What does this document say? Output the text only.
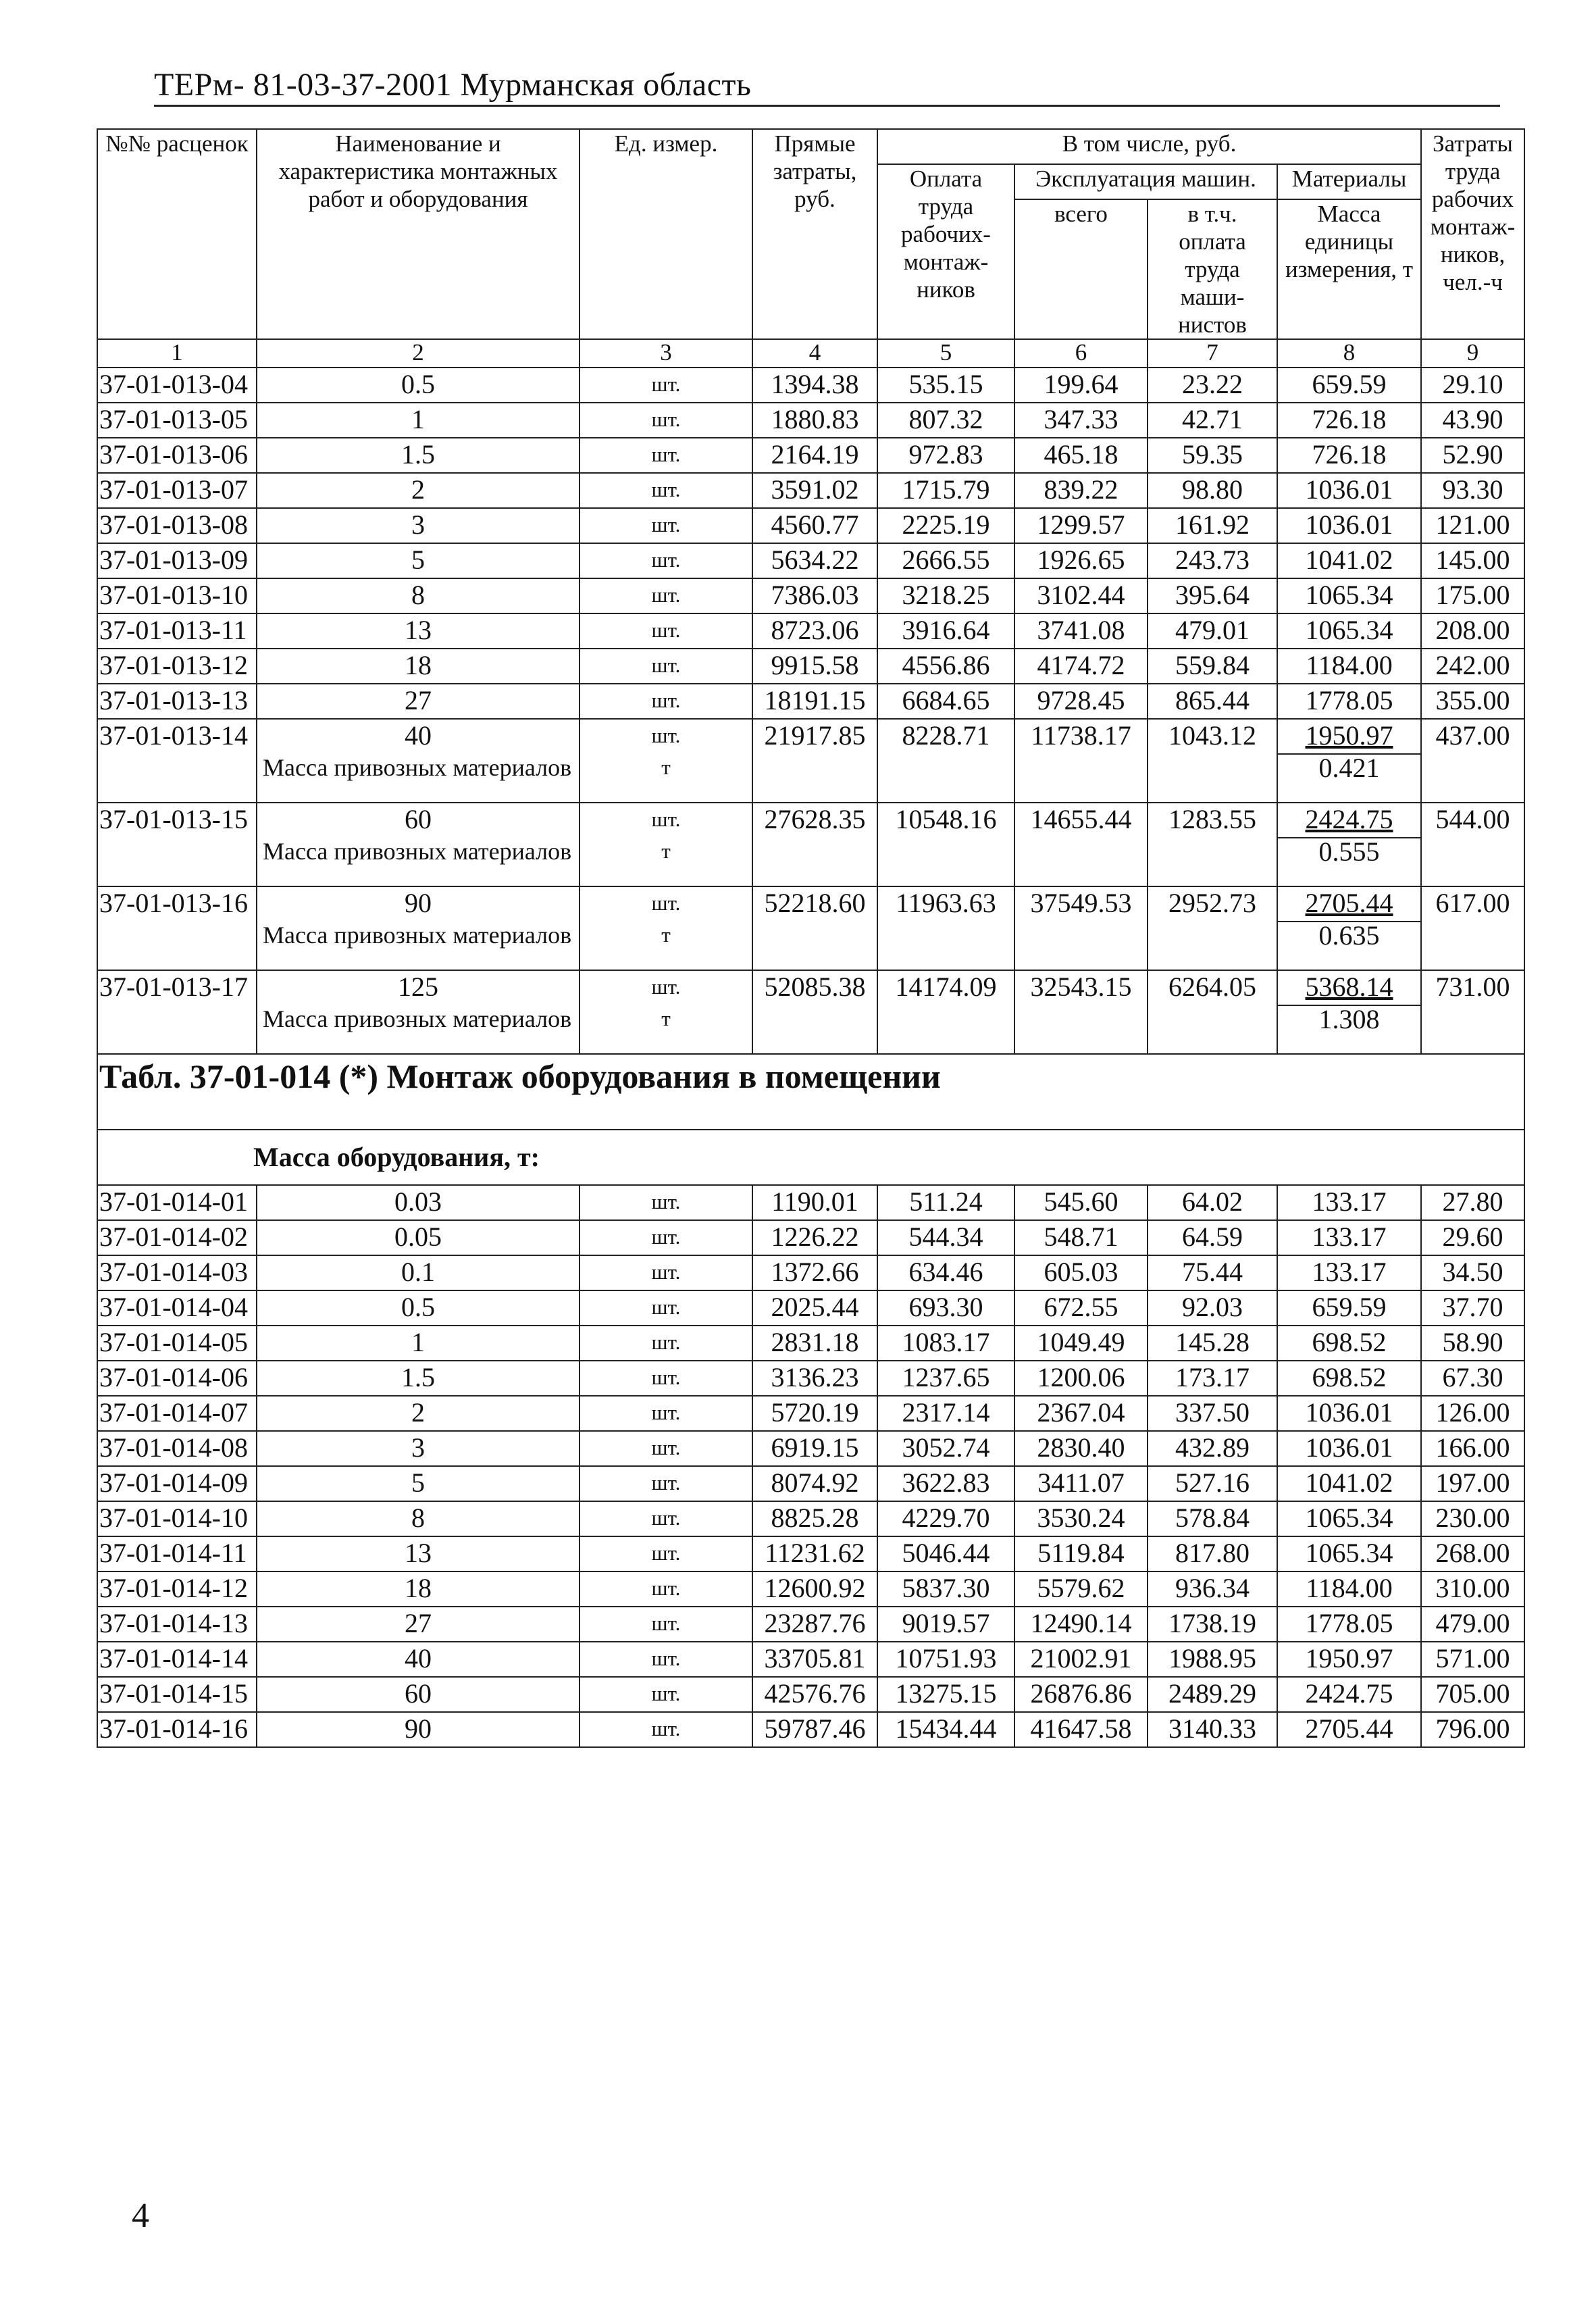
ТЕРм- 81-03-37-2001 Мурманская область
№№ расценок	Наименование и характеристика монтажных работ и оборудования	Ед. измер.	Прямые затраты, руб.	В том числе, руб.				Затраты труда рабочих монтаж-ников, чел.-ч
				Оплата труда рабочих-монтаж-ников	Эксплуатация машин.		Материалы	
					всего	в т.ч. оплата труда маши-нистов	Масса единицы измерения, т	
1	2	3	4	5	6	7	8	9
37-01-013-04	0.5	шт.	1394.38	535.15	199.64	23.22	659.59	29.10
37-01-013-05	1	шт.	1880.83	807.32	347.33	42.71	726.18	43.90
37-01-013-06	1.5	шт.	2164.19	972.83	465.18	59.35	726.18	52.90
37-01-013-07	2	шт.	3591.02	1715.79	839.22	98.80	1036.01	93.30
37-01-013-08	3	шт.	4560.77	2225.19	1299.57	161.92	1036.01	121.00
37-01-013-09	5	шт.	5634.22	2666.55	1926.65	243.73	1041.02	145.00
37-01-013-10	8	шт.	7386.03	3218.25	3102.44	395.64	1065.34	175.00
37-01-013-11	13	шт.	8723.06	3916.64	3741.08	479.01	1065.34	208.00
37-01-013-12	18	шт.	9915.58	4556.86	4174.72	559.84	1184.00	242.00
37-01-013-13	27	шт.	18191.15	6684.65	9728.45	865.44	1778.05	355.00
37-01-013-14	40	шт.	21917.85	8228.71	11738.17	1043.12	1950.97	437.00
	Масса привозных материалов	т					0.421	
37-01-013-15	60	шт.	27628.35	10548.16	14655.44	1283.55	2424.75	544.00
	Масса привозных материалов	т					0.555	
37-01-013-16	90	шт.	52218.60	11963.63	37549.53	2952.73	2705.44	617.00
	Масса привозных материалов	т					0.635	
37-01-013-17	125	шт.	52085.38	14174.09	32543.15	6264.05	5368.14	731.00
	Масса привозных материалов	т					1.308	
Табл. 37-01-014 (*) Монтаж оборудования в помещении								
Масса оборудования, т:								
37-01-014-01	0.03	шт.	1190.01	511.24	545.60	64.02	133.17	27.80
37-01-014-02	0.05	шт.	1226.22	544.34	548.71	64.59	133.17	29.60
37-01-014-03	0.1	шт.	1372.66	634.46	605.03	75.44	133.17	34.50
37-01-014-04	0.5	шт.	2025.44	693.30	672.55	92.03	659.59	37.70
37-01-014-05	1	шт.	2831.18	1083.17	1049.49	145.28	698.52	58.90
37-01-014-06	1.5	шт.	3136.23	1237.65	1200.06	173.17	698.52	67.30
37-01-014-07	2	шт.	5720.19	2317.14	2367.04	337.50	1036.01	126.00
37-01-014-08	3	шт.	6919.15	3052.74	2830.40	432.89	1036.01	166.00
37-01-014-09	5	шт.	8074.92	3622.83	3411.07	527.16	1041.02	197.00
37-01-014-10	8	шт.	8825.28	4229.70	3530.24	578.84	1065.34	230.00
37-01-014-11	13	шт.	11231.62	5046.44	5119.84	817.80	1065.34	268.00
37-01-014-12	18	шт.	12600.92	5837.30	5579.62	936.34	1184.00	310.00
37-01-014-13	27	шт.	23287.76	9019.57	12490.14	1738.19	1778.05	479.00
37-01-014-14	40	шт.	33705.81	10751.93	21002.91	1988.95	1950.97	571.00
37-01-014-15	60	шт.	42576.76	13275.15	26876.86	2489.29	2424.75	705.00
37-01-014-16	90	шт.	59787.46	15434.44	41647.58	3140.33	2705.44	796.00
4
